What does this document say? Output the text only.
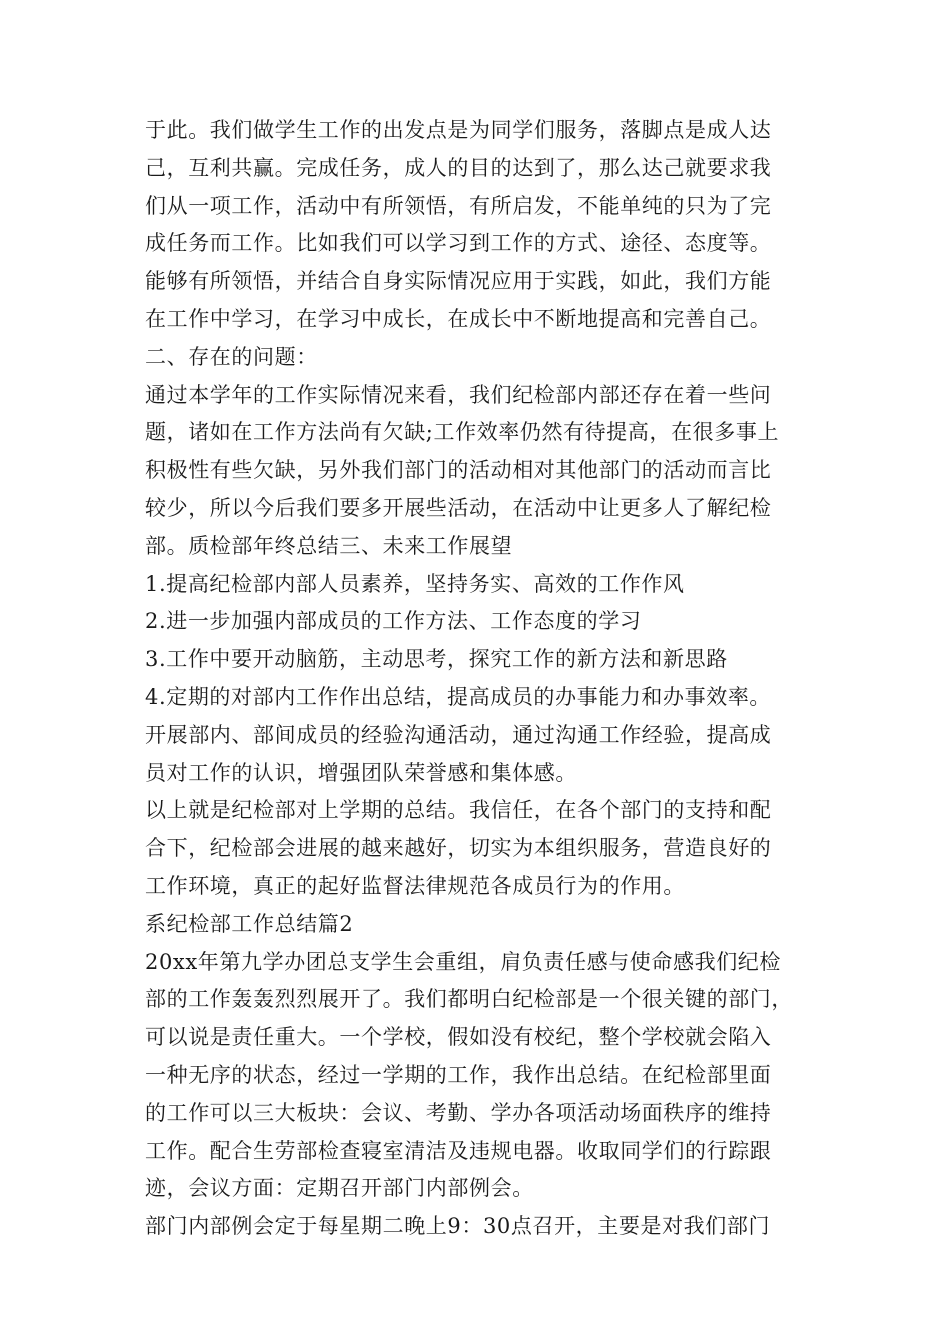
于此。我们做学生工作的出发点是为同学们服务，落脚点是成人达
己，互利共赢。完成任务，成人的目的达到了，那么达己就要求我
们从一项工作，活动中有所领悟，有所启发，不能单纯的只为了完
成任务而工作。比如我们可以学习到工作的方式、途径、态度等。
能够有所领悟，并结合自身实际情况应用于实践，如此，我们方能
在工作中学习，在学习中成长，在成长中不断地提高和完善自己。
二、存在的问题：
通过本学年的工作实际情况来看，我们纪检部内部还存在着一些问
题，诸如在工作方法尚有欠缺;工作效率仍然有待提高，在很多事上
积极性有些欠缺，另外我们部门的活动相对其他部门的活动而言比
较少，所以今后我们要多开展些活动，在活动中让更多人了解纪检
部。质检部年终总结三、未来工作展望
1.提高纪检部内部人员素养，坚持务实、高效的工作作风
2.进一步加强内部成员的工作方法、工作态度的学习
3.工作中要开动脑筋，主动思考，探究工作的新方法和新思路
4.定期的对部内工作作出总结，提高成员的办事能力和办事效率。
开展部内、部间成员的经验沟通活动，通过沟通工作经验，提高成
员对工作的认识，增强团队荣誉感和集体感。
以上就是纪检部对上学期的总结。我信任，在各个部门的支持和配
合下，纪检部会进展的越来越好，切实为本组织服务，营造良好的
工作环境，真正的起好监督法律规范各成员行为的作用。
系纪检部工作总结篇2
20xx年第九学办团总支学生会重组，肩负责任感与使命感我们纪检
部的工作轰轰烈烈展开了。我们都明白纪检部是一个很关键的部门，
可以说是责任重大。一个学校，假如没有校纪，整个学校就会陷入
一种无序的状态，经过一学期的工作，我作出总结。在纪检部里面
的工作可以三大板块：会议、考勤、学办各项活动场面秩序的维持
工作。配合生劳部检查寝室清洁及违规电器。收取同学们的行踪跟
迹，会议方面：定期召开部门内部例会。
部门内部例会定于每星期二晚上9：30点召开，主要是对我们部门
